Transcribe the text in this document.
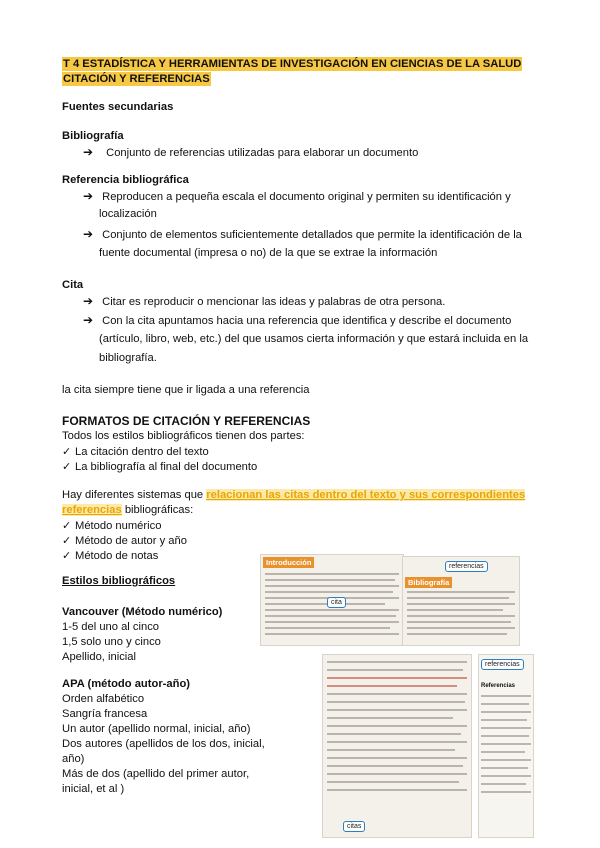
T 4 ESTADÍSTICA Y HERRAMIENTAS DE INVESTIGACIÓN EN CIENCIAS DE LA SALUD
CITACIÓN Y REFERENCIAS
Fuentes secundarias
Bibliografía
➔ Conjunto de referencias utilizadas para elaborar un documento
Referencia bibliográfica
➔ Reproducen a pequeña escala el documento original y permiten su identificación y
localización
➔ Conjunto de elementos suficientemente detallados que permite la identificación de la
fuente documental (impresa o no) de la que se extrae la información
Cita
➔ Citar es reproducir o mencionar las ideas y palabras de otra persona.
➔ Con la cita apuntamos hacia una referencia que identifica y describe el documento
(artículo, libro, web, etc.) del que usamos cierta información y que estará incluida en la
bibliografía.
la cita siempre tiene que ir ligada a una referencia
FORMATOS DE CITACIÓN Y REFERENCIAS
Todos los estilos bibliográficos tienen dos partes:
✓ La citación dentro del texto
✓ La bibliografía al final del documento
Hay diferentes sistemas que relacionan las citas dentro del texto y sus correspondientes
referencias bibliográficas:
✓ Método numérico
✓ Método de autor y año
✓ Método de notas
Estilos bibliográficos
Vancouver (Método numérico)
1-5 del uno al cinco
1,5 solo uno y cinco
Apellido, inicial
APA (método autor-año)
Orden alfabético
Sangría francesa
Un autor (apellido normal, inicial, año)
Dos autores (apellidos de los dos, inicial,
año)
Más de dos (apellido del primer autor,
inicial, et al )
Introducción
cita
Bibliografía
referencias
citas
referencias
Referencias
